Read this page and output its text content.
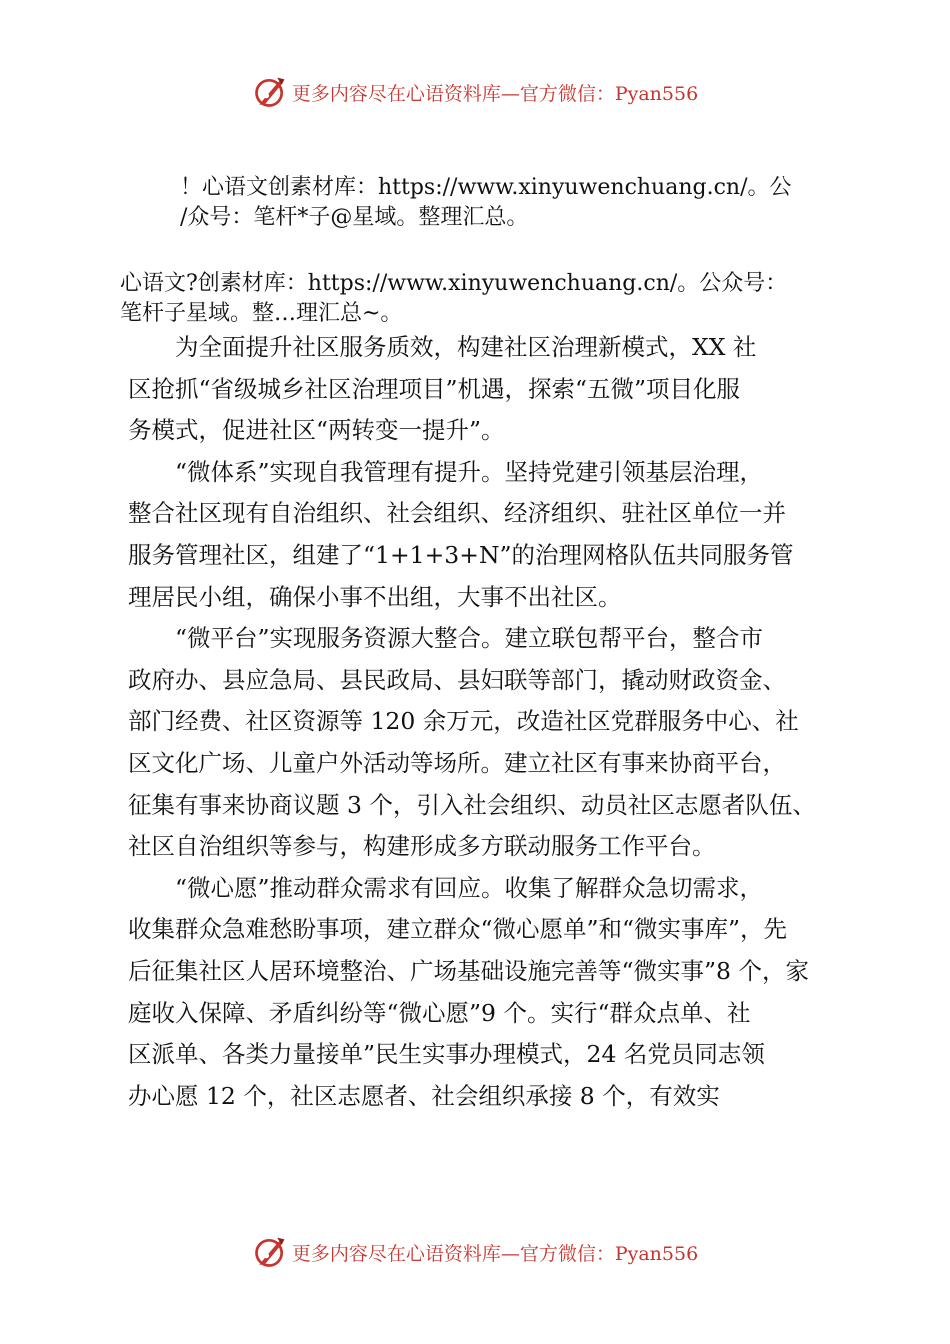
更多内容尽在心语资料库—官方微信：Pyan556
！心语文创素材库：https://www.xinyuwenchuang.cn/。公
/众号：笔杆*子@星域。整理汇总。
心语文?创素材库：https://www.xinyuwenchuang.cn/。公众号：
笔杆子星域。整…理汇总~。
为全面提升社区服务质效，构建社区治理新模式，XX 社
区抢抓“省级城乡社区治理项目”机遇，探索“五微”项目化服
务模式，促进社区“两转变一提升”。
“微体系”实现自我管理有提升。坚持党建引领基层治理，
整合社区现有自治组织、社会组织、经济组织、驻社区单位一并
服务管理社区，组建了“1+1+3+N”的治理网格队伍共同服务管
理居民小组，确保小事不出组，大事不出社区。
“微平台”实现服务资源大整合。建立联包帮平台，整合市
政府办、县应急局、县民政局、县妇联等部门，撬动财政资金、
部门经费、社区资源等 120 余万元，改造社区党群服务中心、社
区文化广场、儿童户外活动等场所。建立社区有事来协商平台，
征集有事来协商议题 3 个，引入社会组织、动员社区志愿者队伍、
社区自治组织等参与，构建形成多方联动服务工作平台。
“微心愿”推动群众需求有回应。收集了解群众急切需求，
收集群众急难愁盼事项，建立群众“微心愿单”和“微实事库”，先
后征集社区人居环境整治、广场基础设施完善等“微实事”8 个，家
庭收入保障、矛盾纠纷等“微心愿”9 个。实行“群众点单、社
区派单、各类力量接单”民生实事办理模式，24 名党员同志领
办心愿 12 个，社区志愿者、社会组织承接 8 个，有效实
更多内容尽在心语资料库—官方微信：Pyan556
